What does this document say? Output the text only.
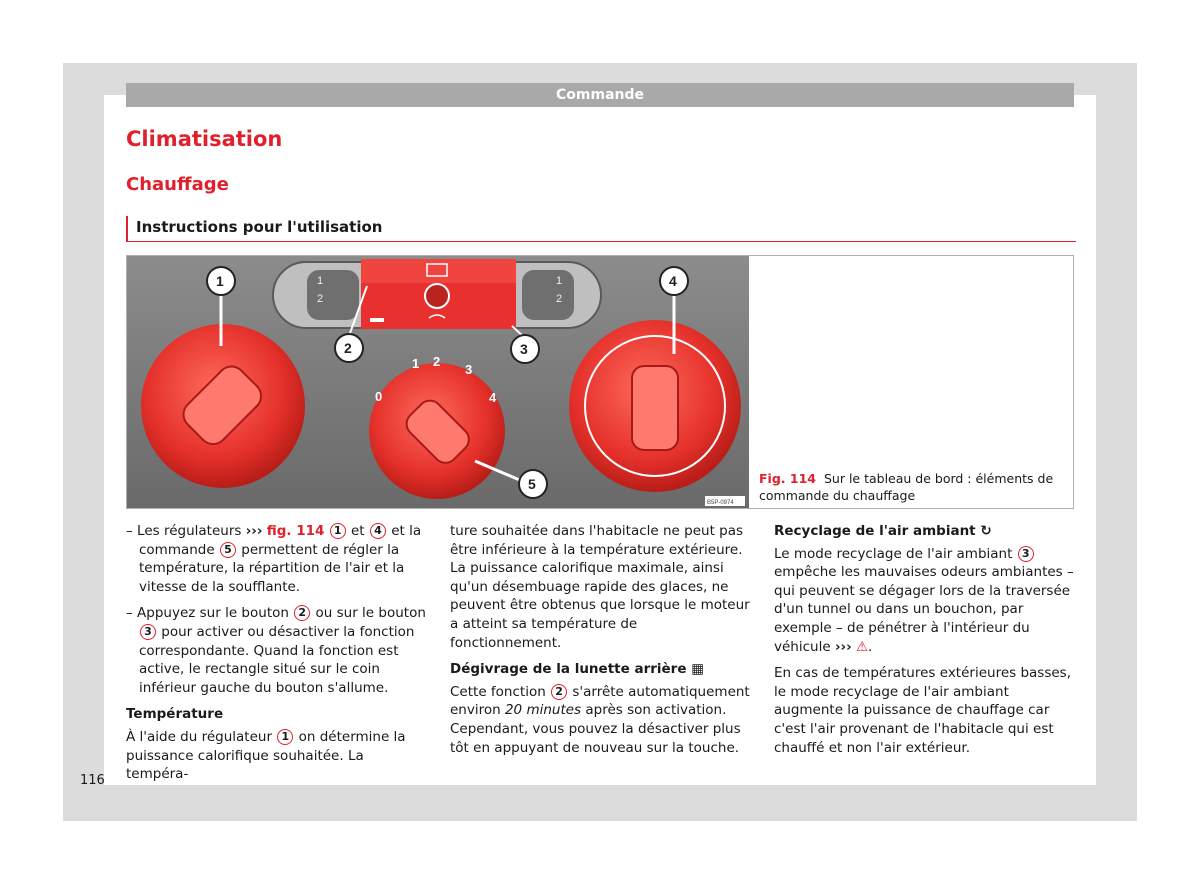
Commande
Climatisation
Chauffage
Instructions pour l'utilisation
1
2
1
2
0
1 2
3
4
1
2	3
4
5
B5P-0974
Fig. 114 Sur le tableau de bord : éléments de
commande du chauffage

– Les régulateurs ››› fig. 114 1 et 4 et la commande 5 permettent de régler la température, la répartition de l'air et la vitesse de la soufflante.

– Appuyez sur le bouton 2 ou sur le bouton 3 pour activer ou désactiver la fonction correspondante. Quand la fonction est active, le rectangle situé sur le coin inférieur gauche du bouton s'allume.

Température

À l'aide du régulateur 1 on détermine la puissance calorifique souhaitée. La tempéra-

ture souhaitée dans l'habitacle ne peut pas être inférieure à la température extérieure. La puissance calorifique maximale, ainsi qu'un désembuage rapide des glaces, ne peuvent être obtenus que lorsque le moteur a atteint sa température de fonctionnement.

Dégivrage de la lunette arrière ▦

Cette fonction 2 s'arrête automatiquement environ 20 minutes après son activation. Cependant, vous pouvez la désactiver plus tôt en appuyant de nouveau sur la touche.

Recyclage de l'air ambiant ↻

Le mode recyclage de l'air ambiant 3 empêche les mauvaises odeurs ambiantes – qui peuvent se dégager lors de la traversée d'un tunnel ou dans un bouchon, par exemple – de pénétrer à l'intérieur du véhicule ››› ⚠.

En cas de températures extérieures basses, le mode recyclage de l'air ambiant augmente la puissance de chauffage car c'est l'air provenant de l'habitacle qui est chauffé et non l'air extérieur.

116
